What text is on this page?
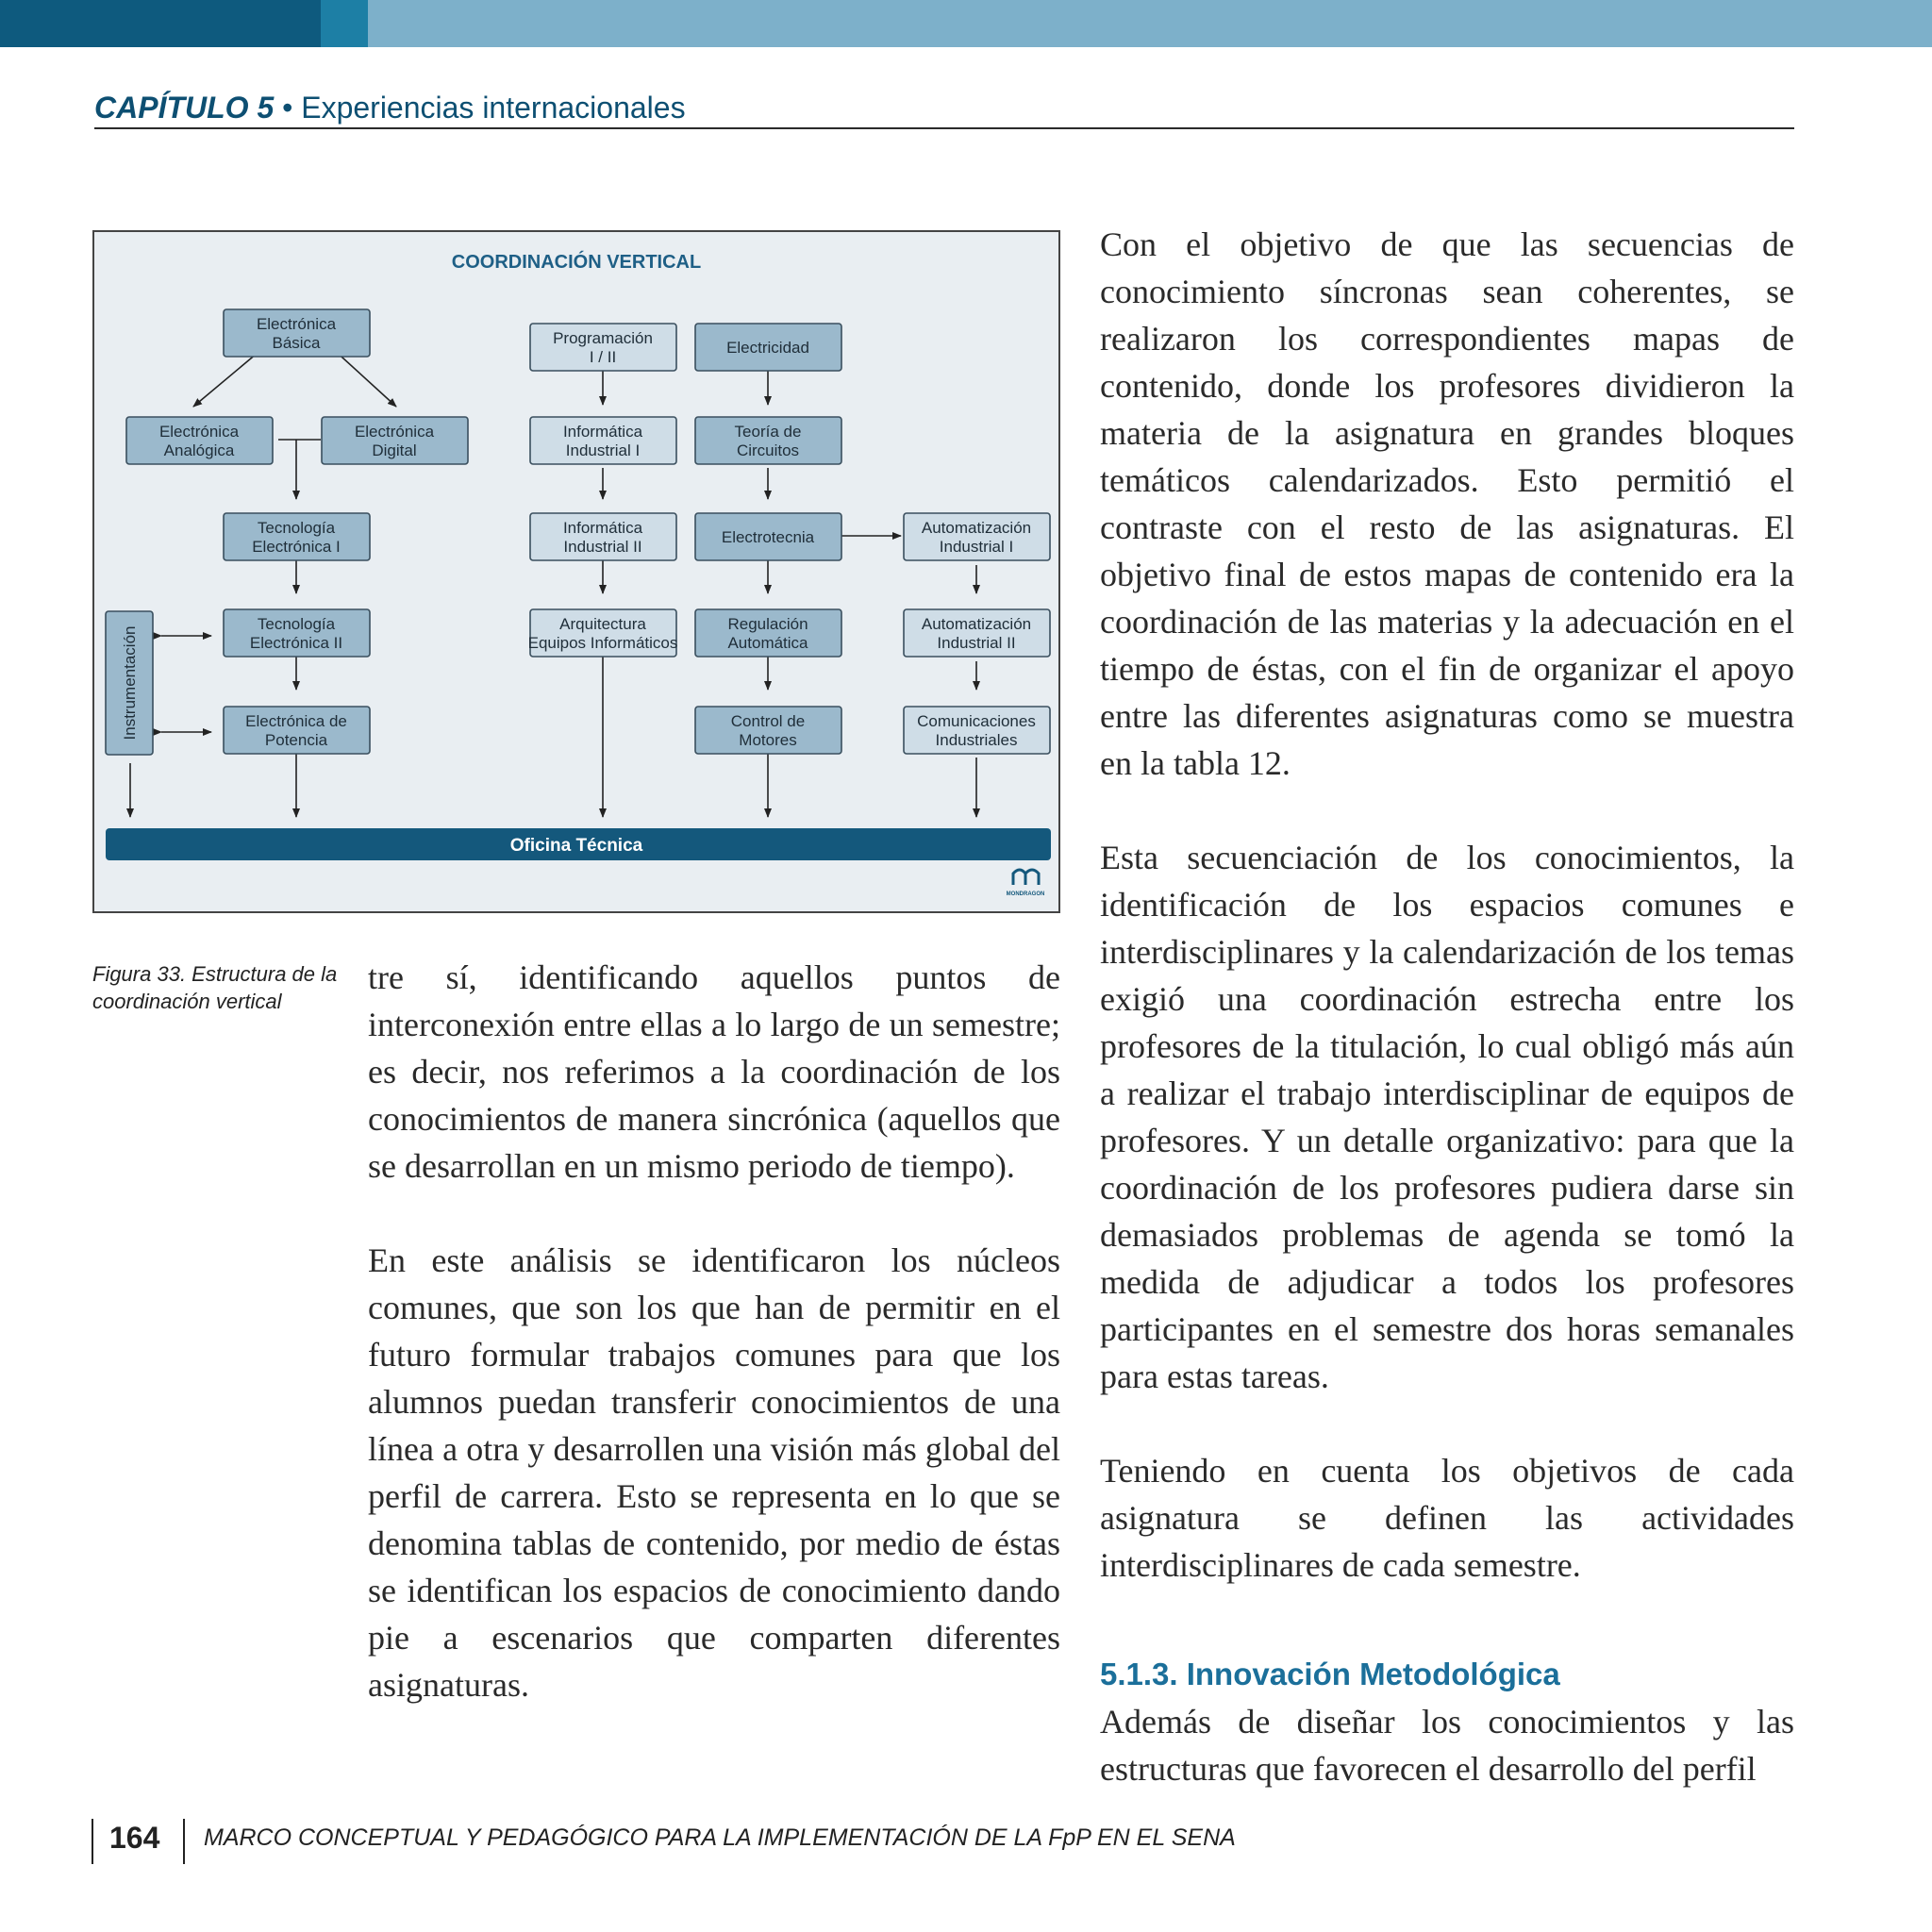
CAPÍTULO 5 • Experiencias internacionales
COORDINACIÓN VERTICAL
Electrónica
Básica
Electrónica
Analógica
Electrónica
Digital
Tecnología
Electrónica I
Tecnología
Electrónica II
Electrónica de
Potencia
Instrumentación
Programación
I / II
Informática
Industrial I
Informática
Industrial II
Arquitectura
Equipos Informáticos
Electricidad
Teoría de
Circuitos
Electrotecnia
Regulación
Automática
Control de
Motores
Automatización
Industrial I
Automatización
Industrial II
Comunicaciones
Industriales
Oficina Técnica
MONDRAGON
Figura 33. Estructura de la coordinación vertical

tre sí, identificando aquellos puntos de interconexión entre ellas a lo largo de un semestre; es decir, nos referimos a la coordinación de los conocimientos de manera sincrónica (aquellos que se desarrollan en un mismo periodo de tiempo).

En este análisis se identificaron los núcleos comunes, que son los que han de permitir en el futuro formular trabajos comunes para que los alumnos puedan transferir conocimientos de una línea a otra y desarrollen una visión más global del perfil de carrera. Esto se representa en lo que se denomina tablas de contenido, por medio de éstas se identifican los espacios de conocimiento dando pie a escenarios que comparten diferentes asignaturas.

Con el objetivo de que las secuencias de conocimiento síncronas sean coherentes, se realizaron los correspondientes mapas de contenido, donde los profesores dividieron la materia de la asignatura en grandes bloques temáticos calendarizados. Esto permitió el contraste con el resto de las asignaturas. El objetivo final de estos mapas de contenido era la coordinación de las materias y la adecuación en el tiempo de éstas, con el fin de organizar el apoyo entre las diferentes asignaturas como se muestra en la tabla 12.

Esta secuenciación de los conocimientos, la identificación de los espacios comunes e interdisciplinares y la calendarización de los temas exigió una coordinación estrecha entre los profesores de la titulación, lo cual obligó más aún a realizar el trabajo interdisciplinar de equipos de profesores. Y un detalle organizativo: para que la coordinación de los profesores pudiera darse sin demasiados problemas de agenda se tomó la medida de adjudicar a todos los profesores participantes en el semestre dos horas semanales para estas tareas.

Teniendo en cuenta los objetivos de cada asignatura se definen las actividades interdisciplinares de cada semestre.

5.1.3. Innovación Metodológica

Además de diseñar los conocimientos y las estructuras que favorecen el desarrollo del perfil

164 MARCO CONCEPTUAL Y PEDAGÓGICO PARA LA IMPLEMENTACIÓN DE LA FpP EN EL SENA
